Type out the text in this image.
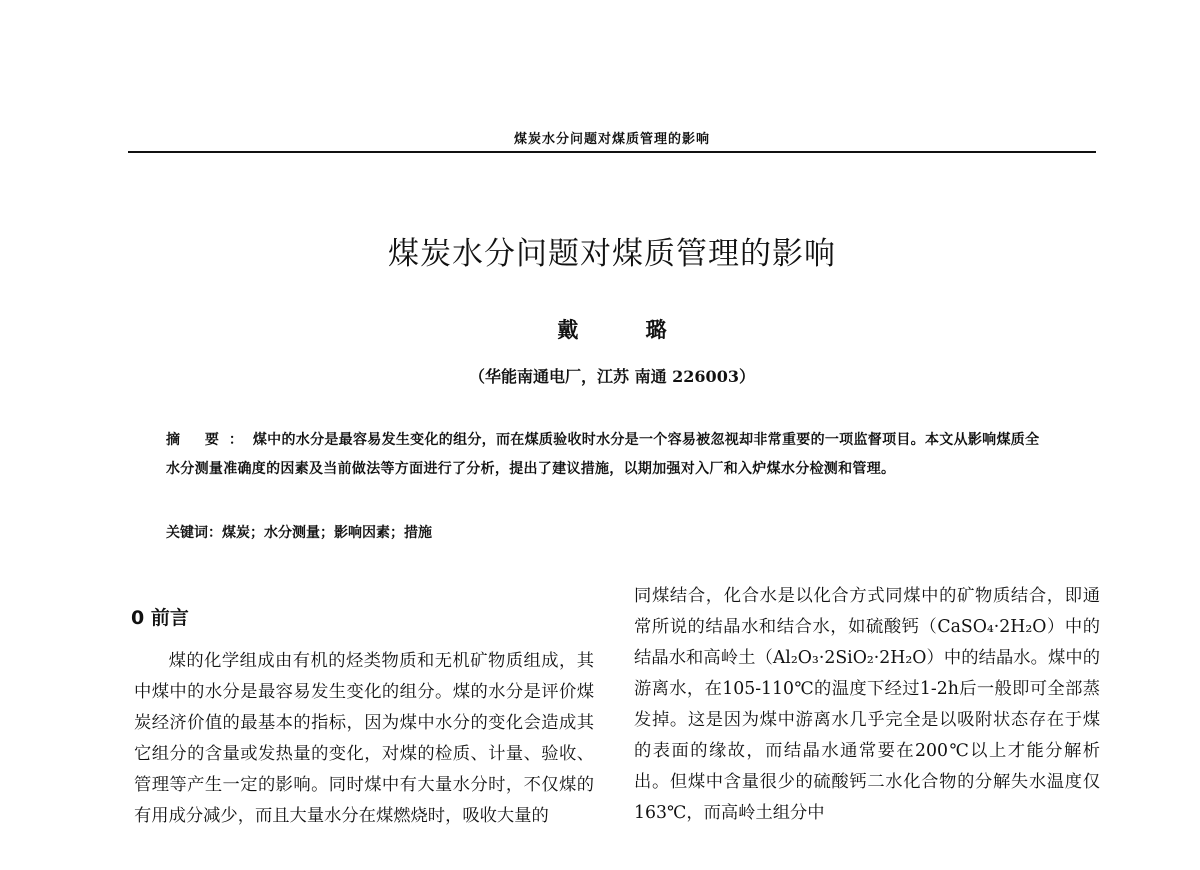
煤炭水分问题对煤质管理的影响
煤炭水分问题对煤质管理的影响
戴 璐
（华能南通电厂，江苏 南通 226003）
摘 要：煤中的水分是最容易发生变化的组分，而在煤质验收时水分是一个容易被忽视却非常重要的一项监督项目。本文从影响煤质全水分测量准确度的因素及当前做法等方面进行了分析，提出了建议措施，以期加强对入厂和入炉煤水分检测和管理。
关键词：煤炭；水分测量；影响因素；措施
0 前言

煤的化学组成由有机的烃类物质和无机矿物质组成，其中煤中的水分是最容易发生变化的组分。煤的水分是评价煤炭经济价值的最基本的指标，因为煤中水分的变化会造成其它组分的含量或发热量的变化，对煤的检质、计量、验收、管理等产生一定的影响。同时煤中有大量水分时，不仅煤的有用成分减少，而且大量水分在煤燃烧时，吸收大量的

同煤结合，化合水是以化合方式同煤中的矿物质结合，即通常所说的结晶水和结合水，如硫酸钙（CaSO₄·2H₂O）中的结晶水和高岭土（Al₂O₃·2SiO₂·2H₂O）中的结晶水。煤中的游离水，在105-110℃的温度下经过1-2h后一般即可全部蒸发掉。这是因为煤中游离水几乎完全是以吸附状态存在于煤的表面的缘故，而结晶水通常要在200℃以上才能分解析出。但煤中含量很少的硫酸钙二水化合物的分解失水温度仅163℃，而高岭土组分中
